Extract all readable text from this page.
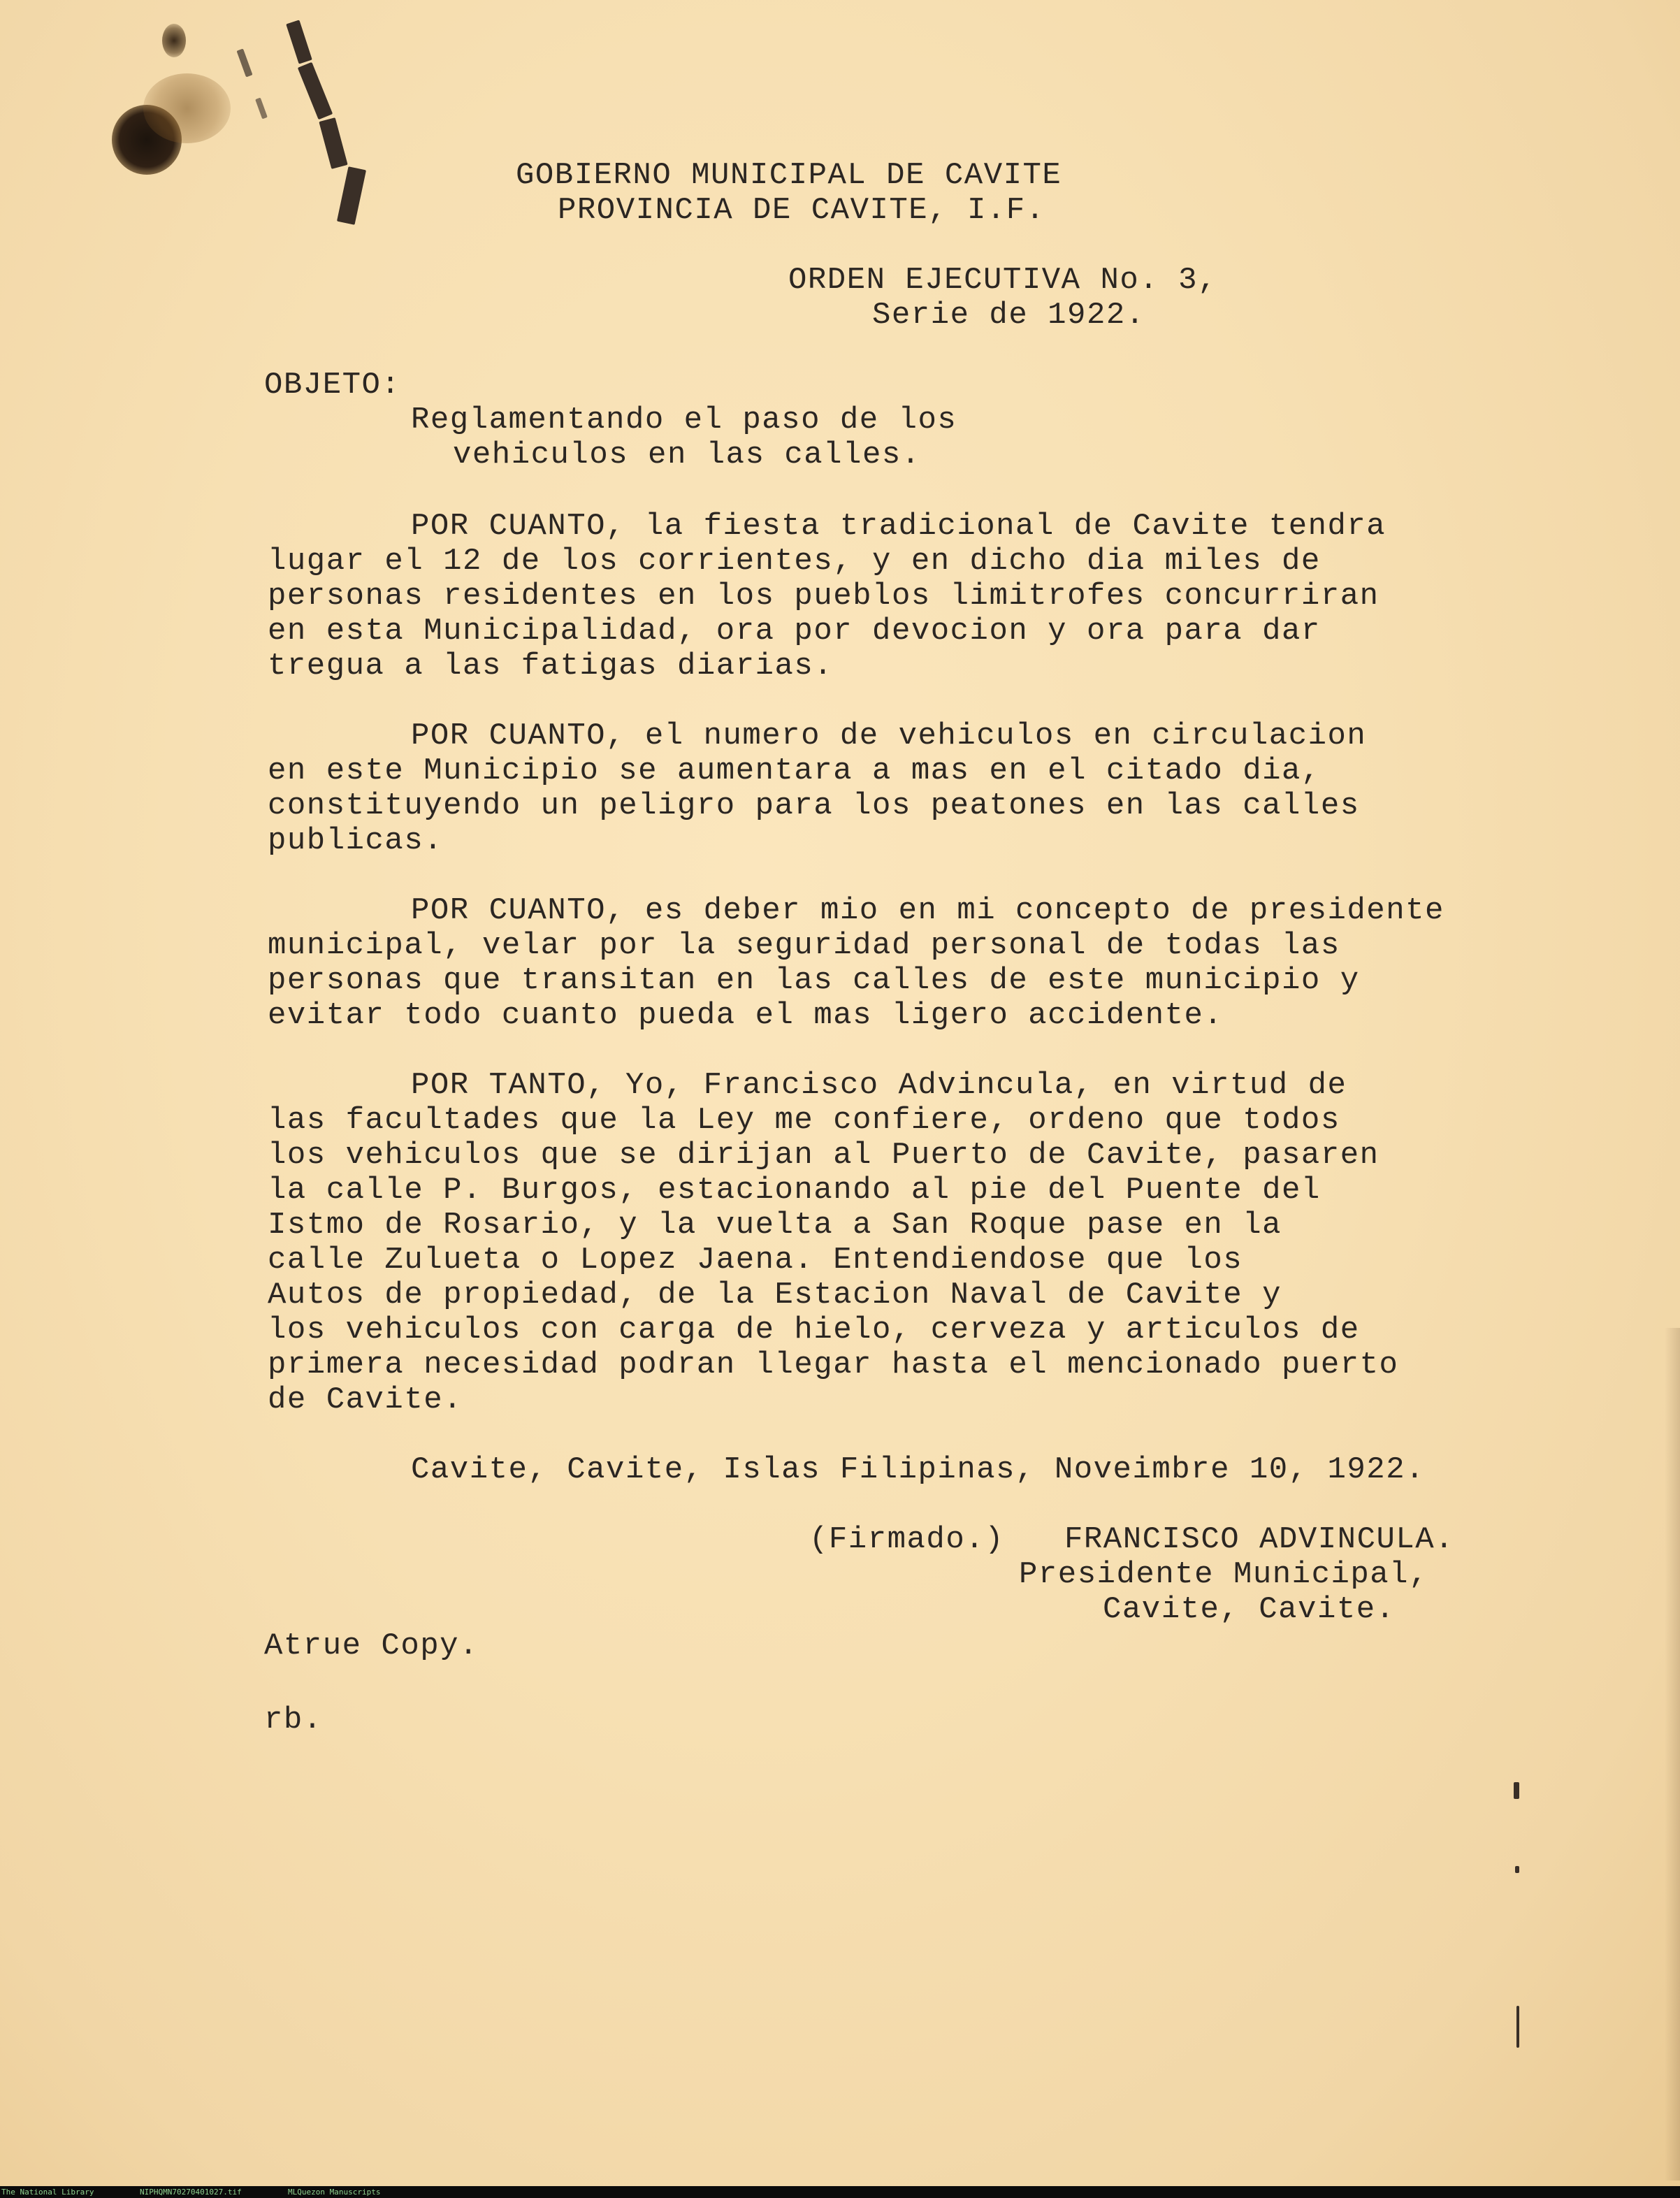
GOBIERNO MUNICIPAL DE CAVITE
PROVINCIA DE CAVITE, I.F.
ORDEN EJECUTIVA No. 3,
Serie de 1922.
OBJETO:
Reglamentando el paso de los
vehiculos en las calles.
POR CUANTO, la fiesta tradicional de Cavite tendra
lugar el 12 de los corrientes, y en dicho dia miles de
personas residentes en los pueblos limitrofes concurriran
en esta Municipalidad, ora por devocion y ora para dar
tregua a las fatigas diarias.
POR CUANTO, el numero de vehiculos en circulacion
en este Municipio se aumentara a mas en el citado dia,
constituyendo un peligro para los peatones en las calles
publicas.
POR CUANTO, es deber mio en mi concepto de presidente
municipal, velar por la seguridad personal de todas las
personas que transitan en las calles de este municipio y
evitar todo cuanto pueda el mas ligero accidente.
POR TANTO, Yo, Francisco Advincula, en virtud de
las facultades que la Ley me confiere, ordeno que todos
los vehiculos que se dirijan al Puerto de Cavite, pasaren
la calle P. Burgos, estacionando al pie del Puente del
Istmo de Rosario, y la vuelta a San Roque pase en la
calle Zulueta o Lopez Jaena. Entendiendose que los
Autos de propiedad, de la Estacion Naval de Cavite y
los vehiculos con carga de hielo, cerveza y articulos de
primera necesidad podran llegar hasta el mencionado puerto
de Cavite.
Cavite, Cavite, Islas Filipinas, Noveimbre 10, 1922.
(Firmado.) FRANCISCO ADVINCULA.
Presidente Municipal,
Cavite, Cavite.
Atrue Copy.
rb.

The National Library

	NIPHQMN70270401027.tif

	MLQuezon Manuscripts
